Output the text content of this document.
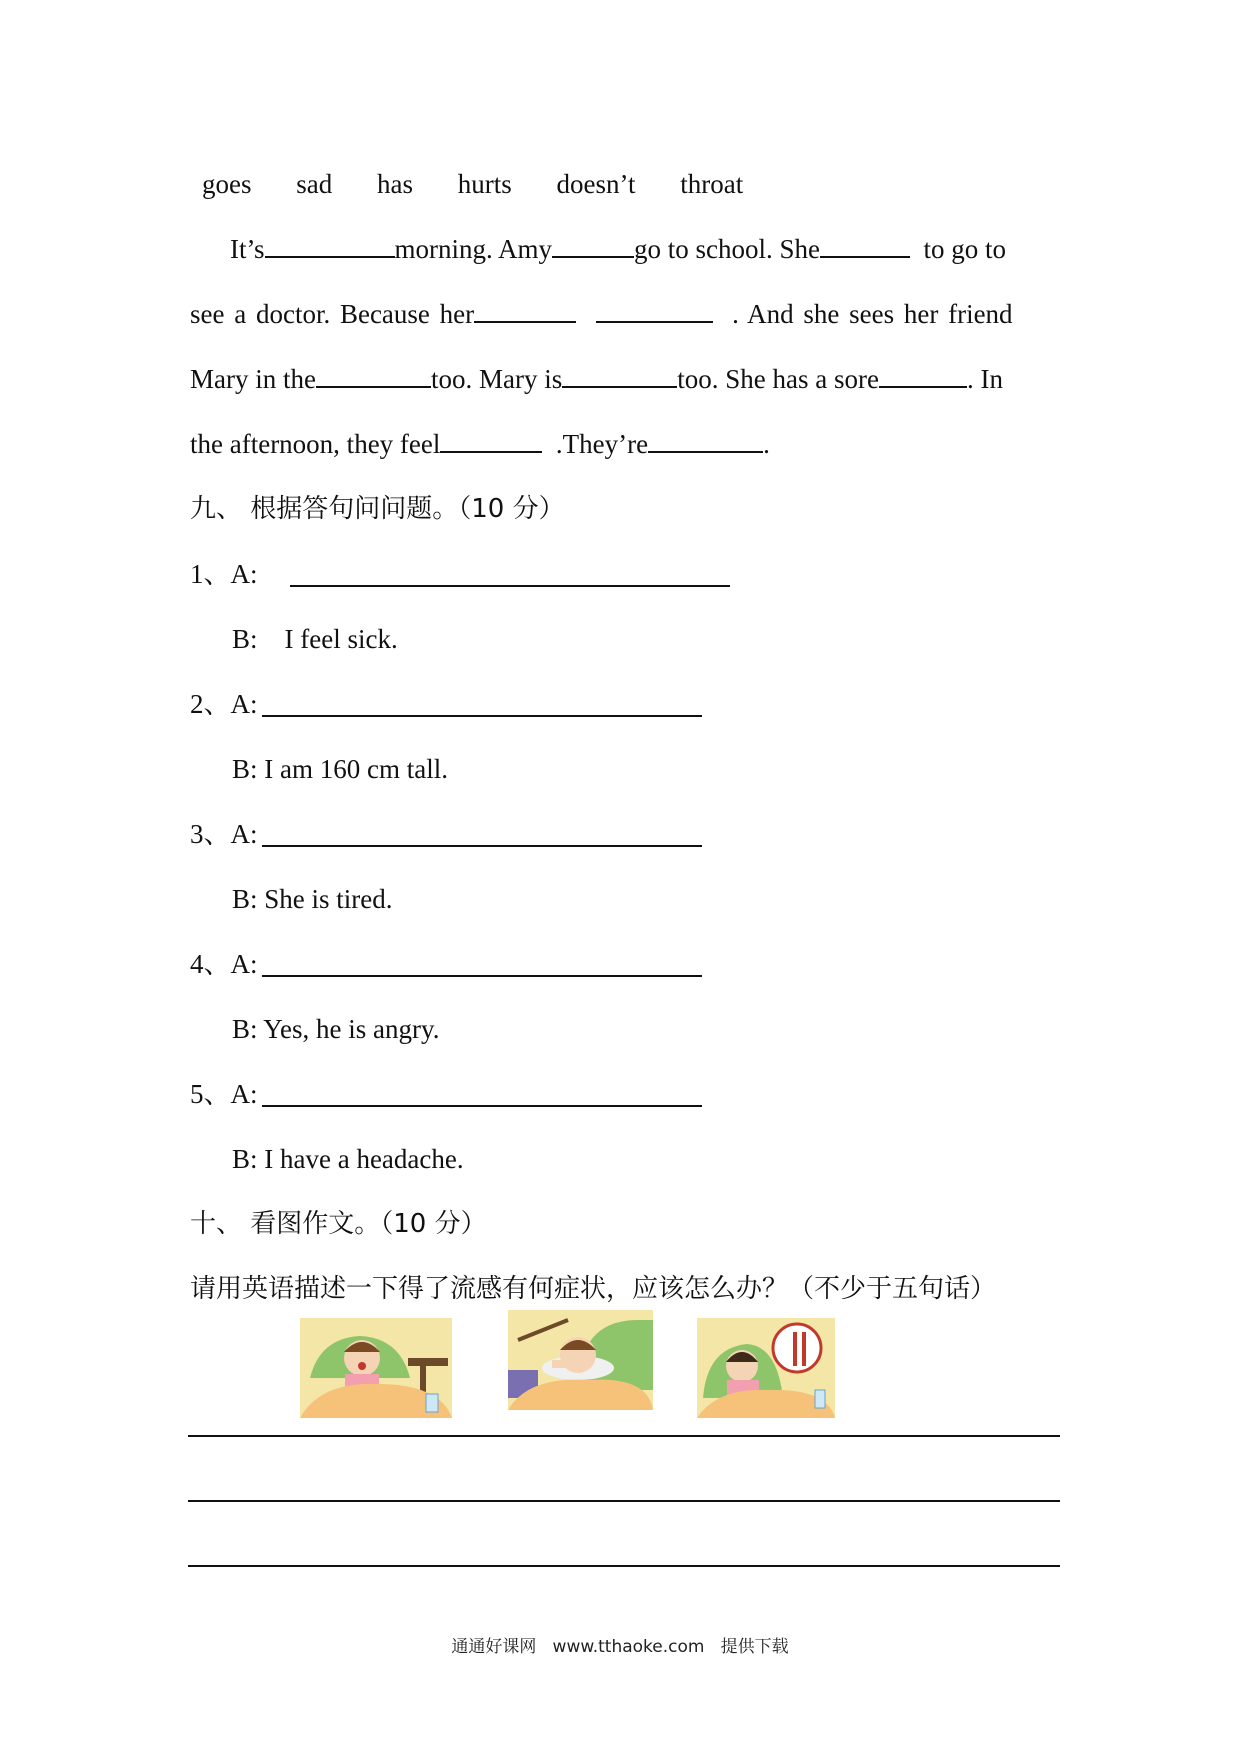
goes sad has hurts doesn’t throat
It’s	morning. Amy	go to school. She	to go to
see a doctor. Because her	. And she sees her friend
Mary in the	too. Mary is	too. She has a sore	. In
the afternoon, they feel	.They’re	.
九、 根据答句问问题。（10 分）
1、A:
B:    I feel sick.
2、A:
B: I am 160 cm tall.
3、A:
B: She is tired.
4、A:
B: Yes, he is angry.
5、A:
B: I have a headache.
十、 看图作文。（10 分）
请用英语描述一下得了流感有何症状，应该怎么办？（不少于五句话）
通通好课网   www.tthaoke.com   提供下载
